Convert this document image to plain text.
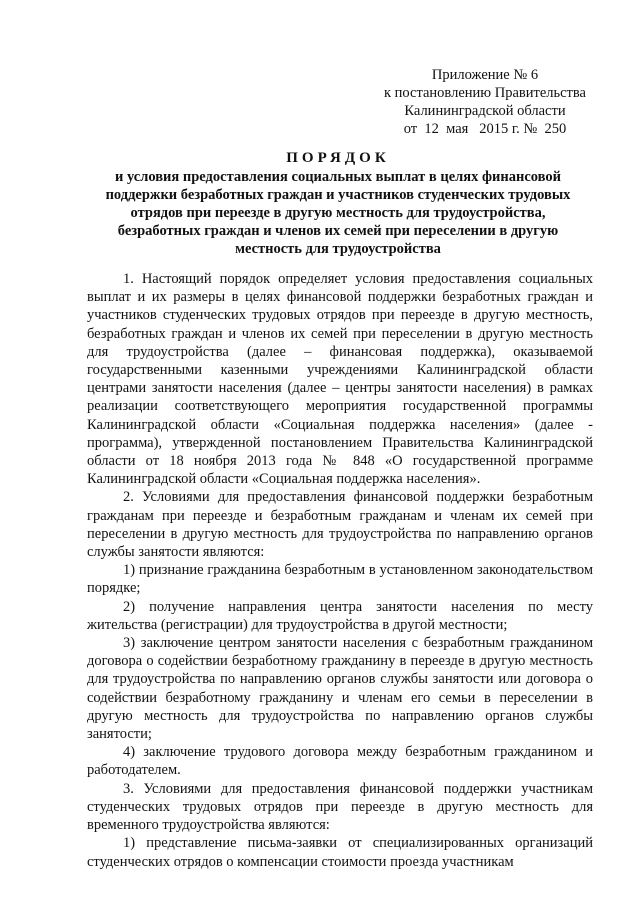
Приложение № 6
к постановлению Правительства
Калининградской области
от  12  мая   2015 г. №  250
ПОРЯДОК
и условия предоставления социальных выплат в целях финансовой поддержки безработных граждан и участников студенческих трудовых отрядов при переезде в другую местность для трудоустройства, безработных граждан и членов их семей при переселении в другую местность для трудоустройства

1. Настоящий порядок определяет условия предоставления социальных выплат и их размеры в целях финансовой поддержки безработных граждан и участников студенческих трудовых отрядов при переезде в другую местность, безработных граждан и членов их семей при переселении в другую местность для трудоустройства (далее – финансовая поддержка), оказываемой государственными казенными учреждениями Калининградской области центрами занятости населения (далее – центры занятости населения) в рамках реализации соответствующего мероприятия государственной программы Калининградской области «Социальная поддержка населения» (далее - программа), утвержденной постановлением Правительства Калининградской области от 18 ноября 2013 года № 848 «О государственной программе Калининградской области «Социальная поддержка населения».

2. Условиями для предоставления финансовой поддержки безработным гражданам при переезде и безработным гражданам и членам их семей при переселении в другую местность для трудоустройства по направлению органов службы занятости являются:

1) признание гражданина безработным в установленном законодательством порядке;

2) получение направления центра занятости населения по месту жительства (регистрации) для трудоустройства в другой местности;

3) заключение центром занятости населения с безработным гражданином договора о содействии безработному гражданину в переезде в другую местность для трудоустройства по направлению органов службы занятости или договора о содействии безработному гражданину и членам его семьи в переселении в другую местность для трудоустройства по направлению органов службы занятости;

4) заключение трудового договора между безработным гражданином и работодателем.

3. Условиями для предоставления финансовой поддержки участникам студенческих трудовых отрядов при переезде в другую местность для временного трудоустройства являются:

1) представление письма-заявки от специализированных организаций студенческих отрядов о компенсации стоимости проезда участникам
